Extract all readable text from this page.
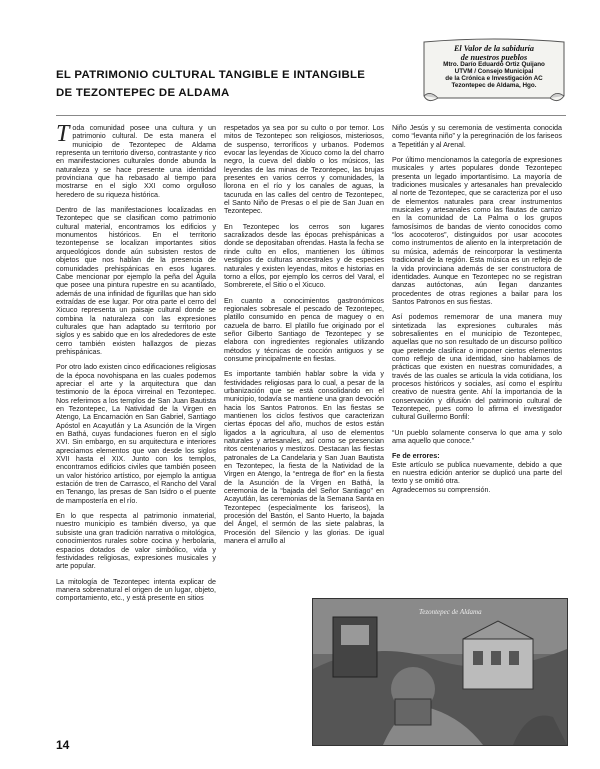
El Valor de la sabiduría
de nuestros pueblos
Mtro. Darío Eduardo Ortiz Quijano
UTVM / Consejo Municipal
de la Crónica e Investigación AC
Tezontepec de Aldama, Hgo.
EL PATRIMONIO CULTURAL TANGIBLE E INTANGIBLE
DE TEZONTEPEC DE ALDAMA

Toda comunidad posee una cultura y un patrimonio cultural. De esta manera el municipio de Tezontepec de Aldama representa un territorio diverso, contrastante y rico en manifestaciones culturales donde abunda la naturaleza y se hace presente una identidad provinciana que ha rebasado al tiempo para mostrarse en el siglo XXI como orgulloso heredero de su riqueza histórica.

Dentro de las manifestaciones localizadas en Tezontepec que se clasifican como patrimonio cultural material, encontramos los edificios y monumentos históricos. En el territorio tezontepense se localizan importantes sitios arqueológicos donde aún subsisten restos de objetos que nos hablan de la presencia de comunidades prehispánicas en esos lugares. Cabe mencionar por ejemplo la peña del Águila que posee una pintura rupestre en su acantilado, además de una infinidad de figurillas que han sido extraídas de ese lugar. Por otra parte el cerro del Xicuco representa un paisaje cultural donde se combina la naturaleza con las expresiones culturales que han adaptado su territorio por siglos y es sabido que en los alrededores de este cerro también existen hallazgos de piezas prehispánicas.

Por otro lado existen cinco edificaciones religiosas de la época novohispana en las cuales podemos apreciar el arte y la arquitectura que dan testimonio de la época virreinal en Tezontepec. Nos referimos a los templos de San Juan Bautista en Tezontepec, La Natividad de la Virgen en Atengo, La Encarnación en San Gabriel, Santiago Apóstol en Acayutlán y La Asunción de la Virgen en Bathá, cuyas fundaciones fueron en el siglo XVI. Sin embargo, en su arquitectura e interiores apreciamos elementos que van desde los siglos XVII hasta el XIX. Junto con los templos, encontramos edificios civiles que también poseen un valor histórico artístico, por ejemplo la antigua estación de tren de Carrasco, el Rancho del Varal en Tenango, las presas de San Isidro o el puente de mampostería en el río.

En lo que respecta al patrimonio inmaterial, nuestro municipio es también diverso, ya que subsiste una gran tradición narrativa o mitológica, conocimientos rurales sobre cocina y herbolaria, espacios dotados de valor simbólico, vida y festividades religiosas, expresiones musicales y arte popular.

La mitología de Tezontepec intenta explicar de manera sobrenatural el origen de un lugar, objeto, comportamiento, etc., y está presente en sitios

respetados ya sea por su culto o por temor. Los mitos de Tezontepec son religiosos, misteriosos, de suspenso, terroríficos y urbanos. Podemos evocar las leyendas de Xicuco como la del charro negro, la cueva del diablo o los músicos, las leyendas de las minas de Tezontepec, las brujas presentes en varios cerros y comunidades, la llorona en el río y los canales de aguas, la tacuruda en las calles del centro de Tezontepec, el Santo Niño de Presas o el pie de San Juan en Tezontepec.

En Tezontepec los cerros son lugares sacralizados desde las épocas prehispánicas a donde se depositaban ofrendas. Hasta la fecha se rinde culto en ellos, mantienen los últimos vestigios de culturas ancestrales y de especies naturales y existen leyendas, mitos e historias en torno a ellos, por ejemplo los cerros del Varal, el Sombrerete, el Sitio o el Xicuco.

En cuanto a conocimientos gastronómicos regionales sobresale el pescado de Tezontepec, platillo consumido en penca de maguey o en cazuela de barro. El platillo fue originado por el señor Gilberto Santiago de Tezontepec y se elabora con ingredientes regionales utilizando métodos y técnicas de cocción antiguos y se consume principalmente en fiestas.

Es importante también hablar sobre la vida y festividades religiosas para lo cual, a pesar de la urbanización que se está consolidando en el municipio, todavía se mantiene una gran devoción hacia los Santos Patronos. En las fiestas se mantienen los ciclos festivos que caracterizan ciertas épocas del año, muchos de estos están ligados a la agricultura, al uso de elementos naturales y artesanales, así como se presencian ritos centenarios y mestizos. Destacan las fiestas patronales de La Candelaria y San Juan Bautista en Tezontepec, la fiesta de la Natividad de la Virgen en Atengo, la “entrega de flor” en la fiesta de la Asunción de la Virgen en Bathá, la ceremonia de la “bajada del Señor Santiago” en Acayutlán, las ceremonias de la Semana Santa en Tezontepec (especialmente los fariseos), la procesión del Bastón, el Santo Huerto, la bajada del Ángel, el sermón de las siete palabras, la Procesión del Silencio y las glorias. De igual manera el arrullo al

Niño Jesús y su ceremonia de vestimenta conocida como “levanta niño” y la peregrinación de los fariseos a Tepetitlán y al Arenal.

Por último mencionamos la categoría de expresiones musicales y artes populares donde Tezontepec presenta un legado importantísimo. La mayoría de tradiciones musicales y artesanales han prevalecido al norte de Tezontepec, que se caracteriza por el uso de elementos naturales para crear instrumentos musicales y artesanales como las flautas de carrizo en la comunidad de La Palma o los grupos famosísimos de bandas de viento conocidos como “los acocoteros”, distinguidos por usar acocotes como instrumentos de aliento en la interpretación de su música, además de reincorporar la vestimenta tradicional de la región. Esta música es un reflejo de la vida provinciana además de ser constructora de identidades. Aunque en Tezontepec no se registran danzas autóctonas, aún llegan danzantes procedentes de otras regiones a bailar para los Santos Patronos en sus fiestas.

Así podemos rememorar de una manera muy sintetizada las expresiones culturales más sobresalientes en el municipio de Tezontepec, aquellas que no son resultado de un discurso político que pretende clasificar o imponer ciertos elementos como reflejo de una identidad, sino hablamos de prácticas que existen en nuestras comunidades, a través de las cuales se articula la vida cotidiana, los procesos históricos y sociales, así como el espíritu creativo de nuestra gente. Ahí la importancia de la conservación y difusión del patrimonio cultural de Tezontepec, pues como lo afirma el investigador cultural Guillermo Bonfil:

“Un pueblo solamente conserva lo que ama y solo ama aquello que conoce.”

Fe de errores:
Este artículo se publica nuevamente, debido a que en nuestra edición anterior se duplicó una parte del texto y se omitió otra.
Agradecemos su comprensión.
Tezontepec de Aldama
14
